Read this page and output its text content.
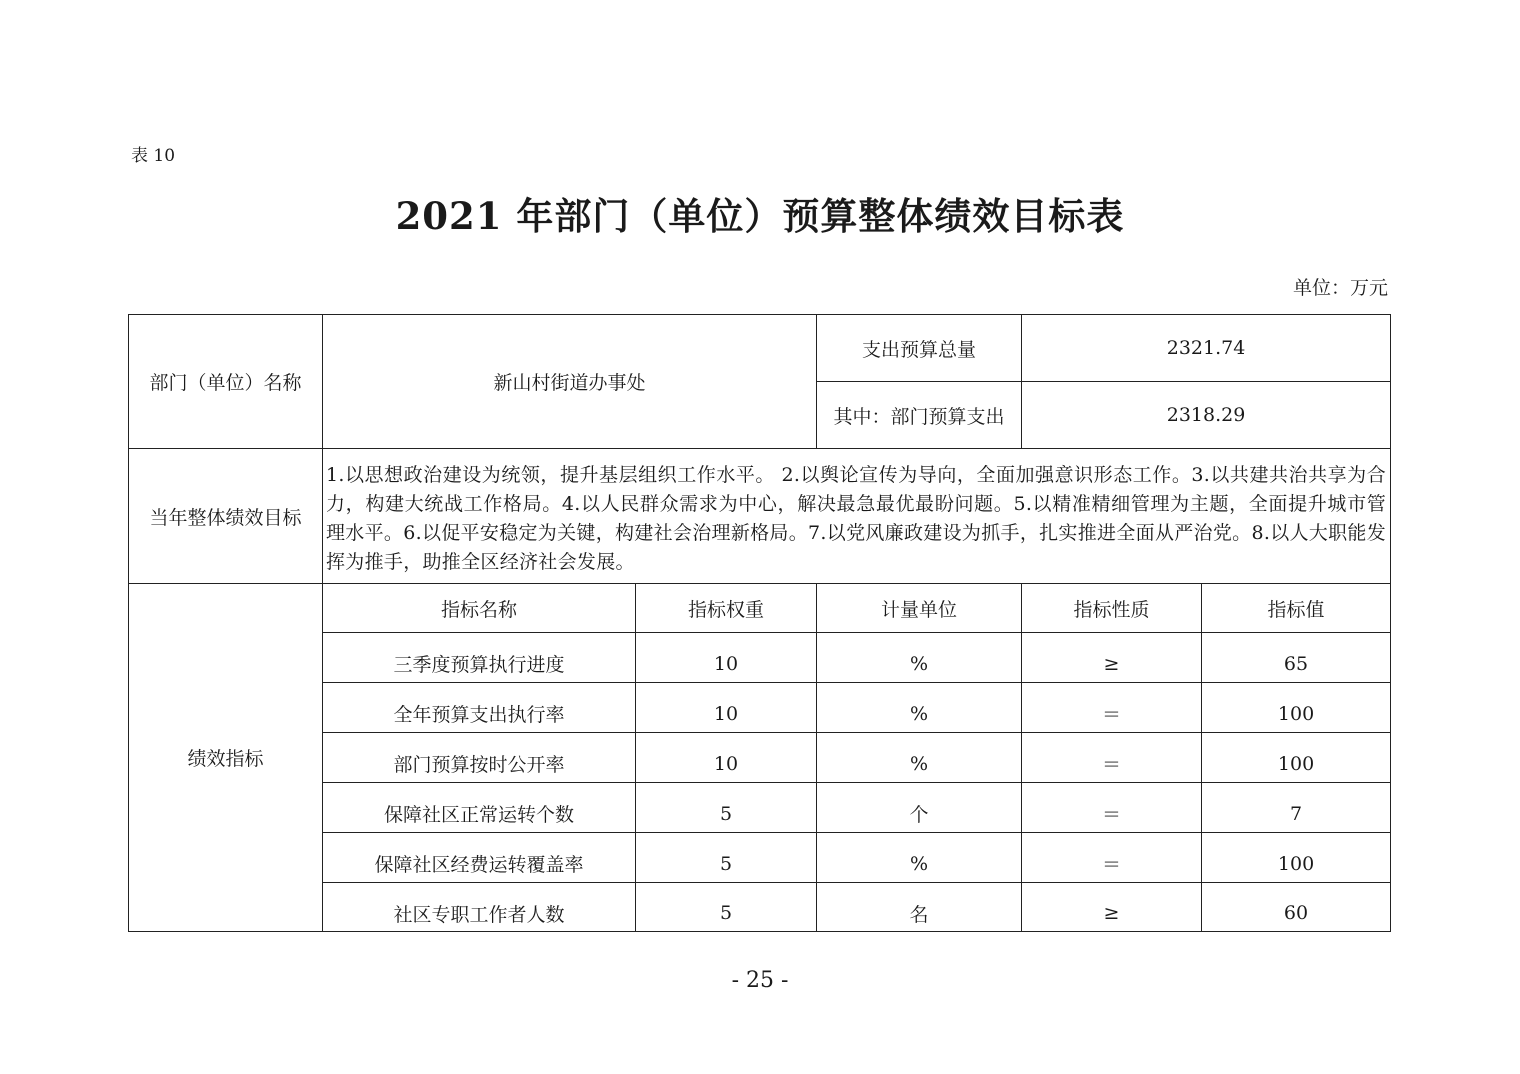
表 10
2021 年部门（单位）预算整体绩效目标表
单位：万元
部门（单位）名称	新山村街道办事处		支出预算总量	2321.74	
			其中：部门预算支出	2318.29	
当年整体绩效目标	1.以思想政治建设为统领，提升基层组织工作水平。 2.以舆论宣传为导向，全面加强意识形态工作。3.以共建共治共享为合力，构建大统战工作格局。4.以人民群众需求为中心，解决最急最优最盼问题。5.以精准精细管理为主题，全面提升城市管理水平。6.以促平安稳定为关键，构建社会治理新格局。7.以党风廉政建设为抓手，扎实推进全面从严治党。8.以人大职能发挥为推手，助推全区经济社会发展。				
绩效指标	指标名称	指标权重	计量单位	指标性质	指标值
	三季度预算执行进度	10	%	≥	65
	全年预算支出执行率	10	%	＝	100
	部门预算按时公开率	10	%	＝	100
	保障社区正常运转个数	5	个	＝	7
	保障社区经费运转覆盖率	5	%	＝	100
	社区专职工作者人数	5	名	≥	60
- 25 -
